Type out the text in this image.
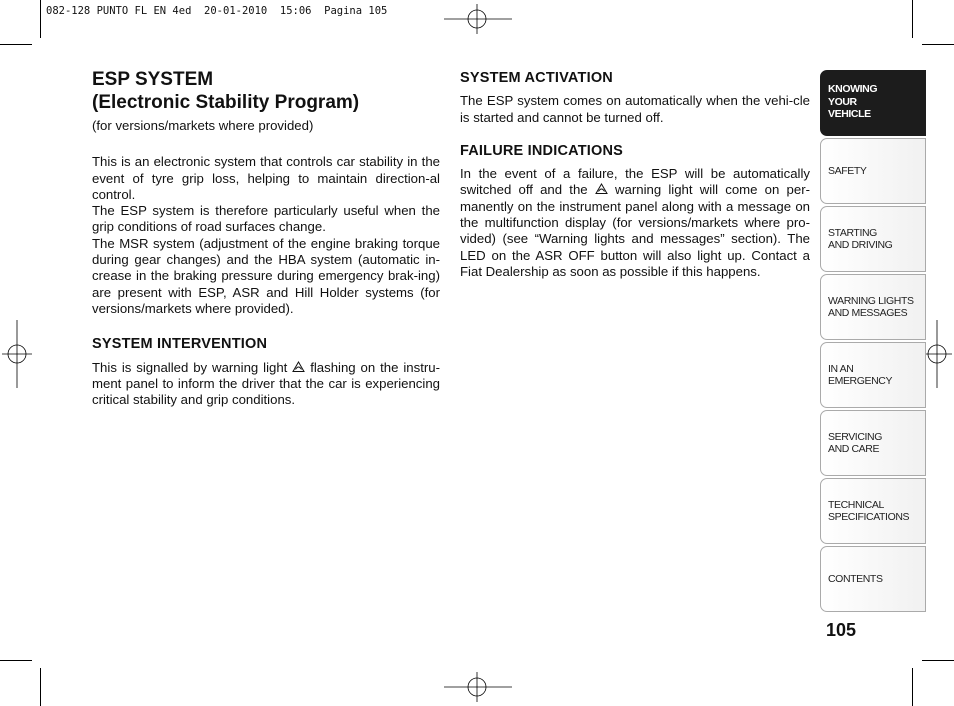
082-128 PUNTO FL EN 4ed  20-01-2010  15:06  Pagina 105
ESP SYSTEM
(Electronic Stability Program)
(for versions/markets where provided)

This is an electronic system that controls car stability in the event of tyre grip loss, helping to maintain direction-al control.

The ESP system is therefore particularly useful when the grip conditions of road surfaces change.

The MSR system (adjustment of the engine braking torque during gear changes) and the HBA system (automatic in-crease in the braking pressure during emergency brak-ing) are present with ESP, ASR and Hill Holder systems (for versions/markets where provided).

SYSTEM INTERVENTION

This is signalled by warning light flashing on the instru-ment panel to inform the driver that the car is experiencing critical stability and grip conditions.

SYSTEM ACTIVATION

The ESP system comes on automatically when the vehi-cle is started and cannot be turned off.

FAILURE INDICATIONS

In the event of a failure, the ESP will be automatically switched off and the warning light will come on per-manently on the instrument panel along with a message on the multifunction display (for versions/markets where pro-vided) (see “Warning lights and messages” section). The LED on the ASR OFF button will also light up. Contact a Fiat Dealership as soon as possible if this happens.

KNOWING
YOUR
VEHICLE
SAFETY
STARTING
AND DRIVING
WARNING LIGHTS
AND MESSAGES
IN AN
EMERGENCY
SERVICING
AND CARE
TECHNICAL
SPECIFICATIONS
CONTENTS
105
